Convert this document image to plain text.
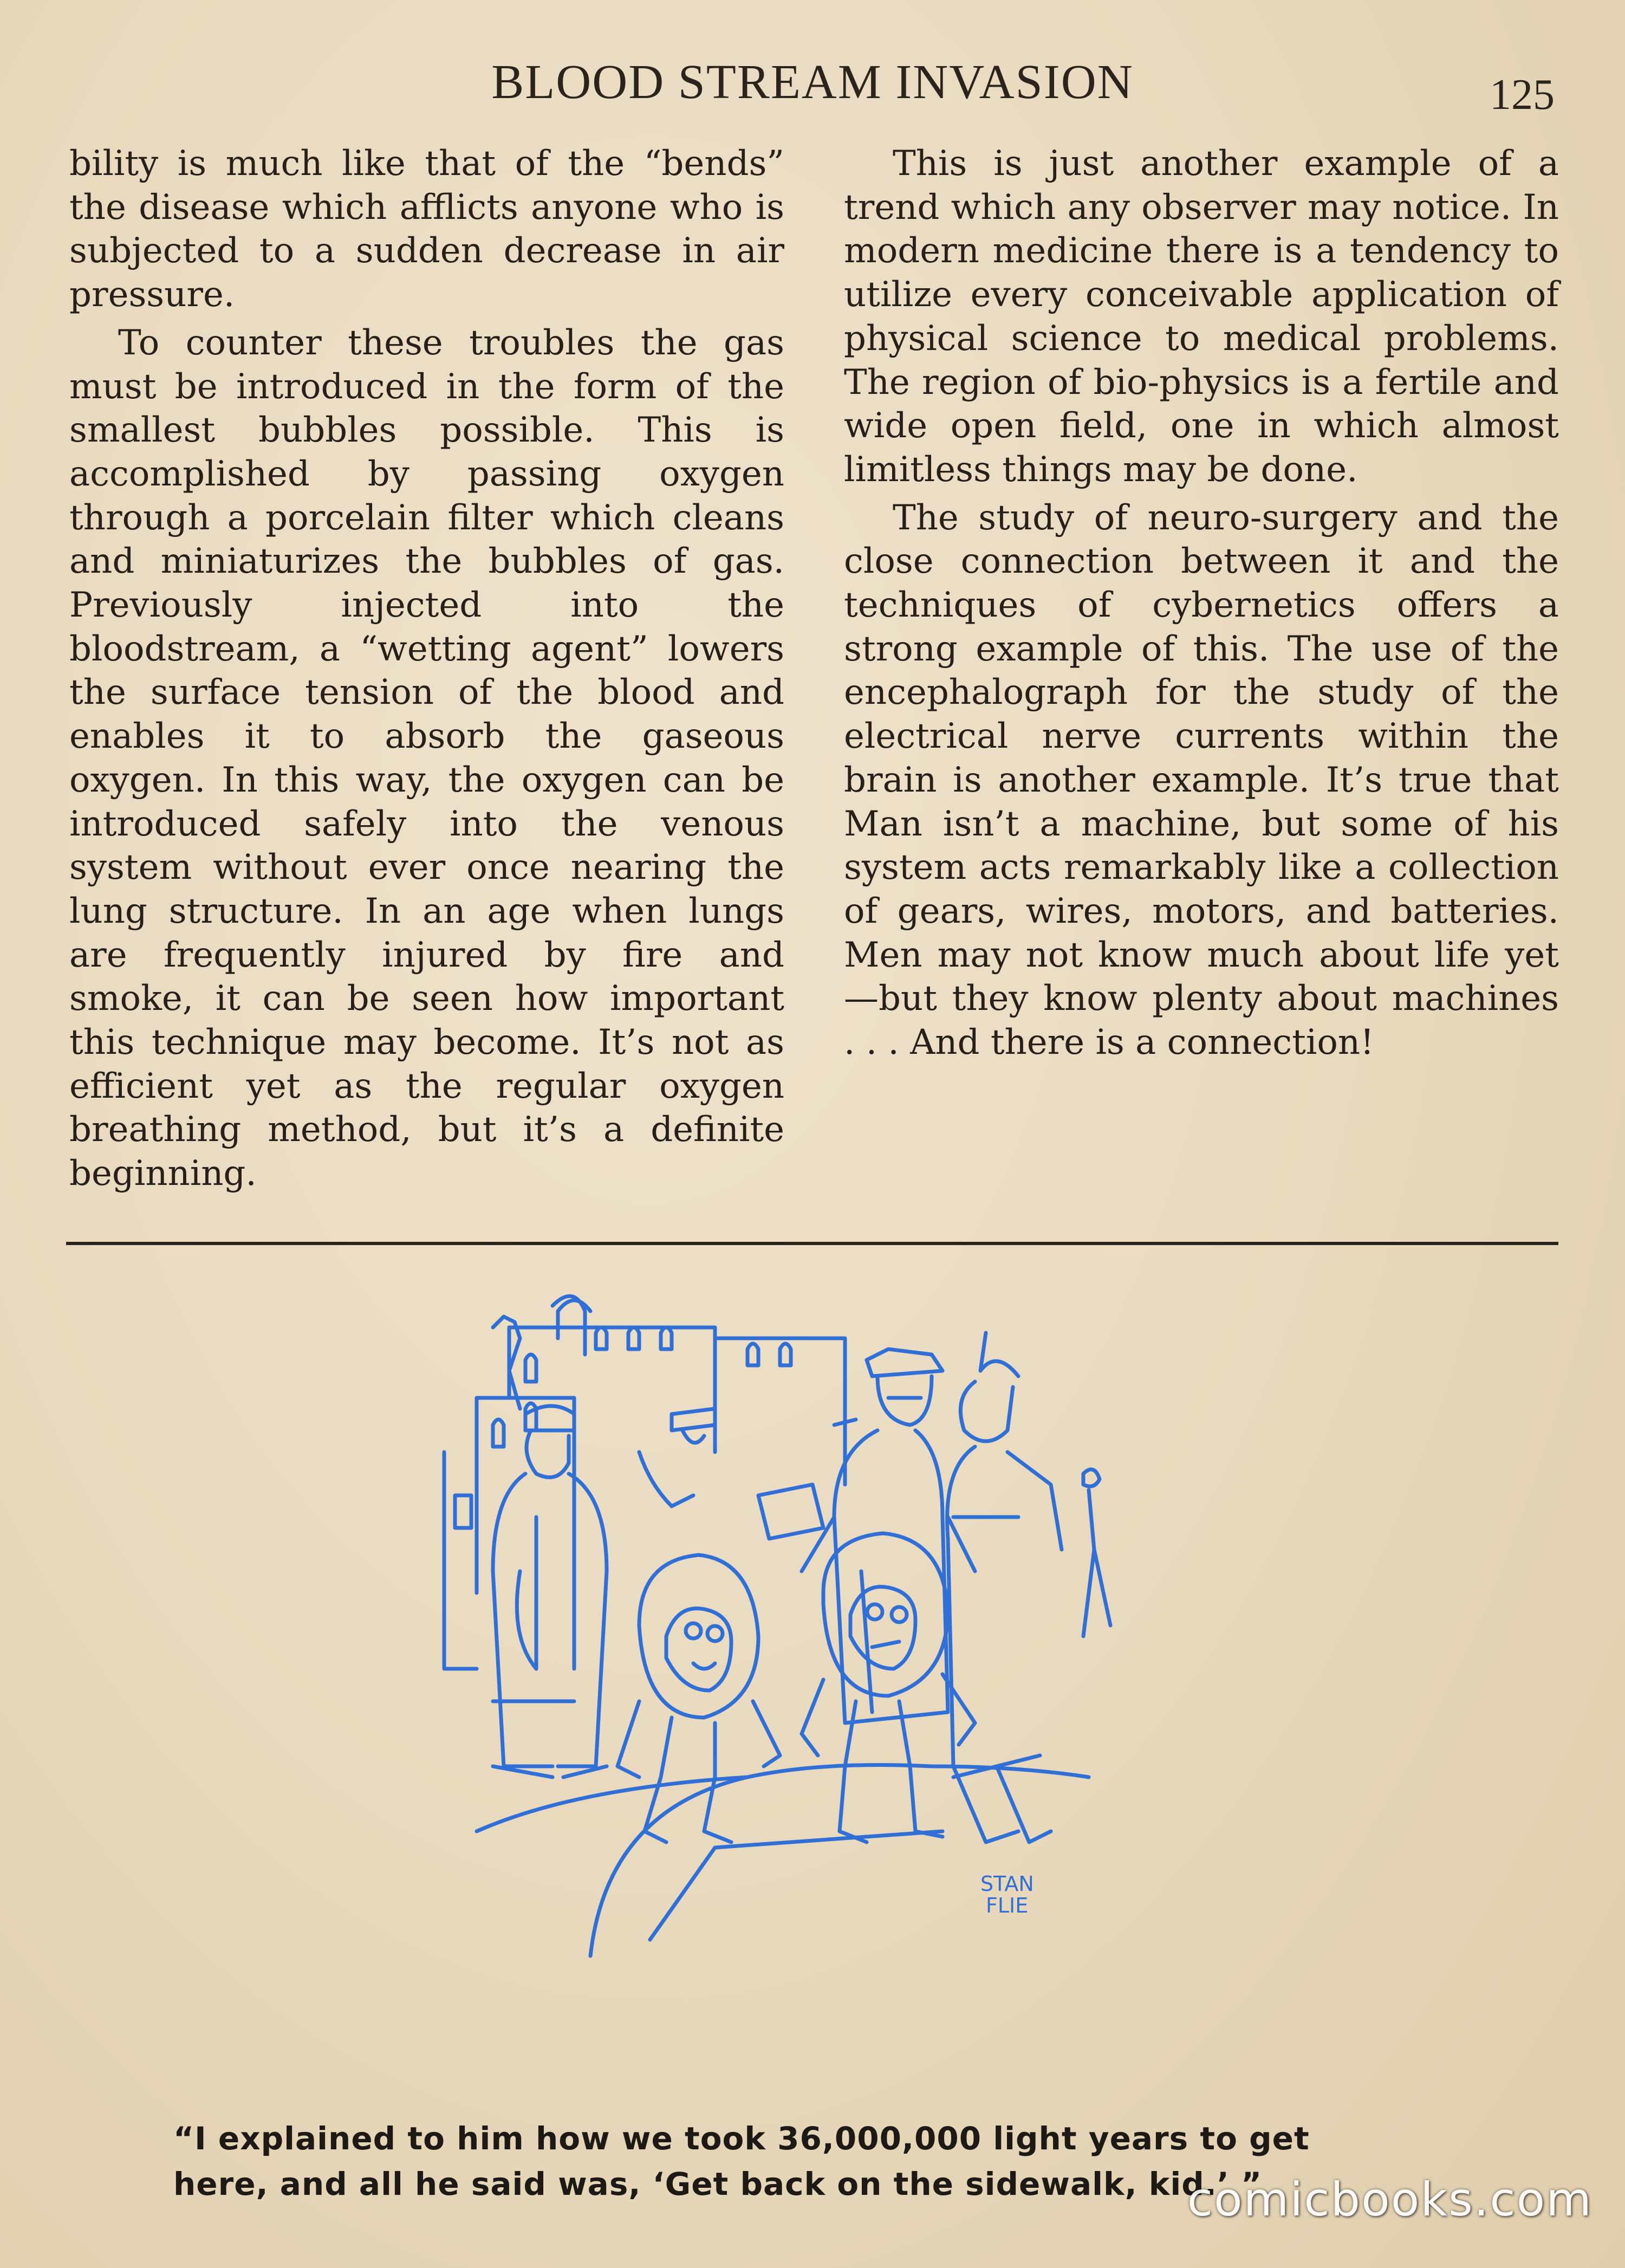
BLOOD STREAM INVASION	125

bility is much like that of the “bends” the disease which afflicts anyone who is subjected to a sudden decrease in air pressure.

To counter these troubles the gas must be introduced in the form of the smallest bubbles possible. This is accomplished by passing oxygen through a porcelain filter which cleans and miniaturizes the bubbles of gas. Previously injected into the bloodstream, a “wetting agent” lowers the surface tension of the blood and enables it to absorb the gaseous oxygen. In this way, the oxygen can be introduced safely into the venous system without ever once nearing the lung structure. In an age when lungs are frequently injured by fire and smoke, it can be seen how important this technique may become. It’s not as efficient yet as the regular oxygen breathing method, but it’s a definite beginning.

This is just another example of a trend which any observer may notice. In modern medicine there is a tendency to utilize every conceivable application of physical science to medical problems. The region of bio-physics is a fertile and wide open field, one in which almost limitless things may be done.

The study of neuro-surgery and the close connection between it and the techniques of cybernetics offers a strong example of this. The use of the encephalograph for the study of the electrical nerve currents within the brain is another example. It’s true that Man isn’t a machine, but some of his system acts remarkably like a collection of gears, wires, motors, and batteries. Men may not know much about life yet—but they know plenty about machines . . . And there is a connection!

STAN
FLIE
“I explained to him how we took 36,000,000 light years to get
here, and all he said was, ‘Get back on the sidewalk, kid.’ ”
comicbooks.com
